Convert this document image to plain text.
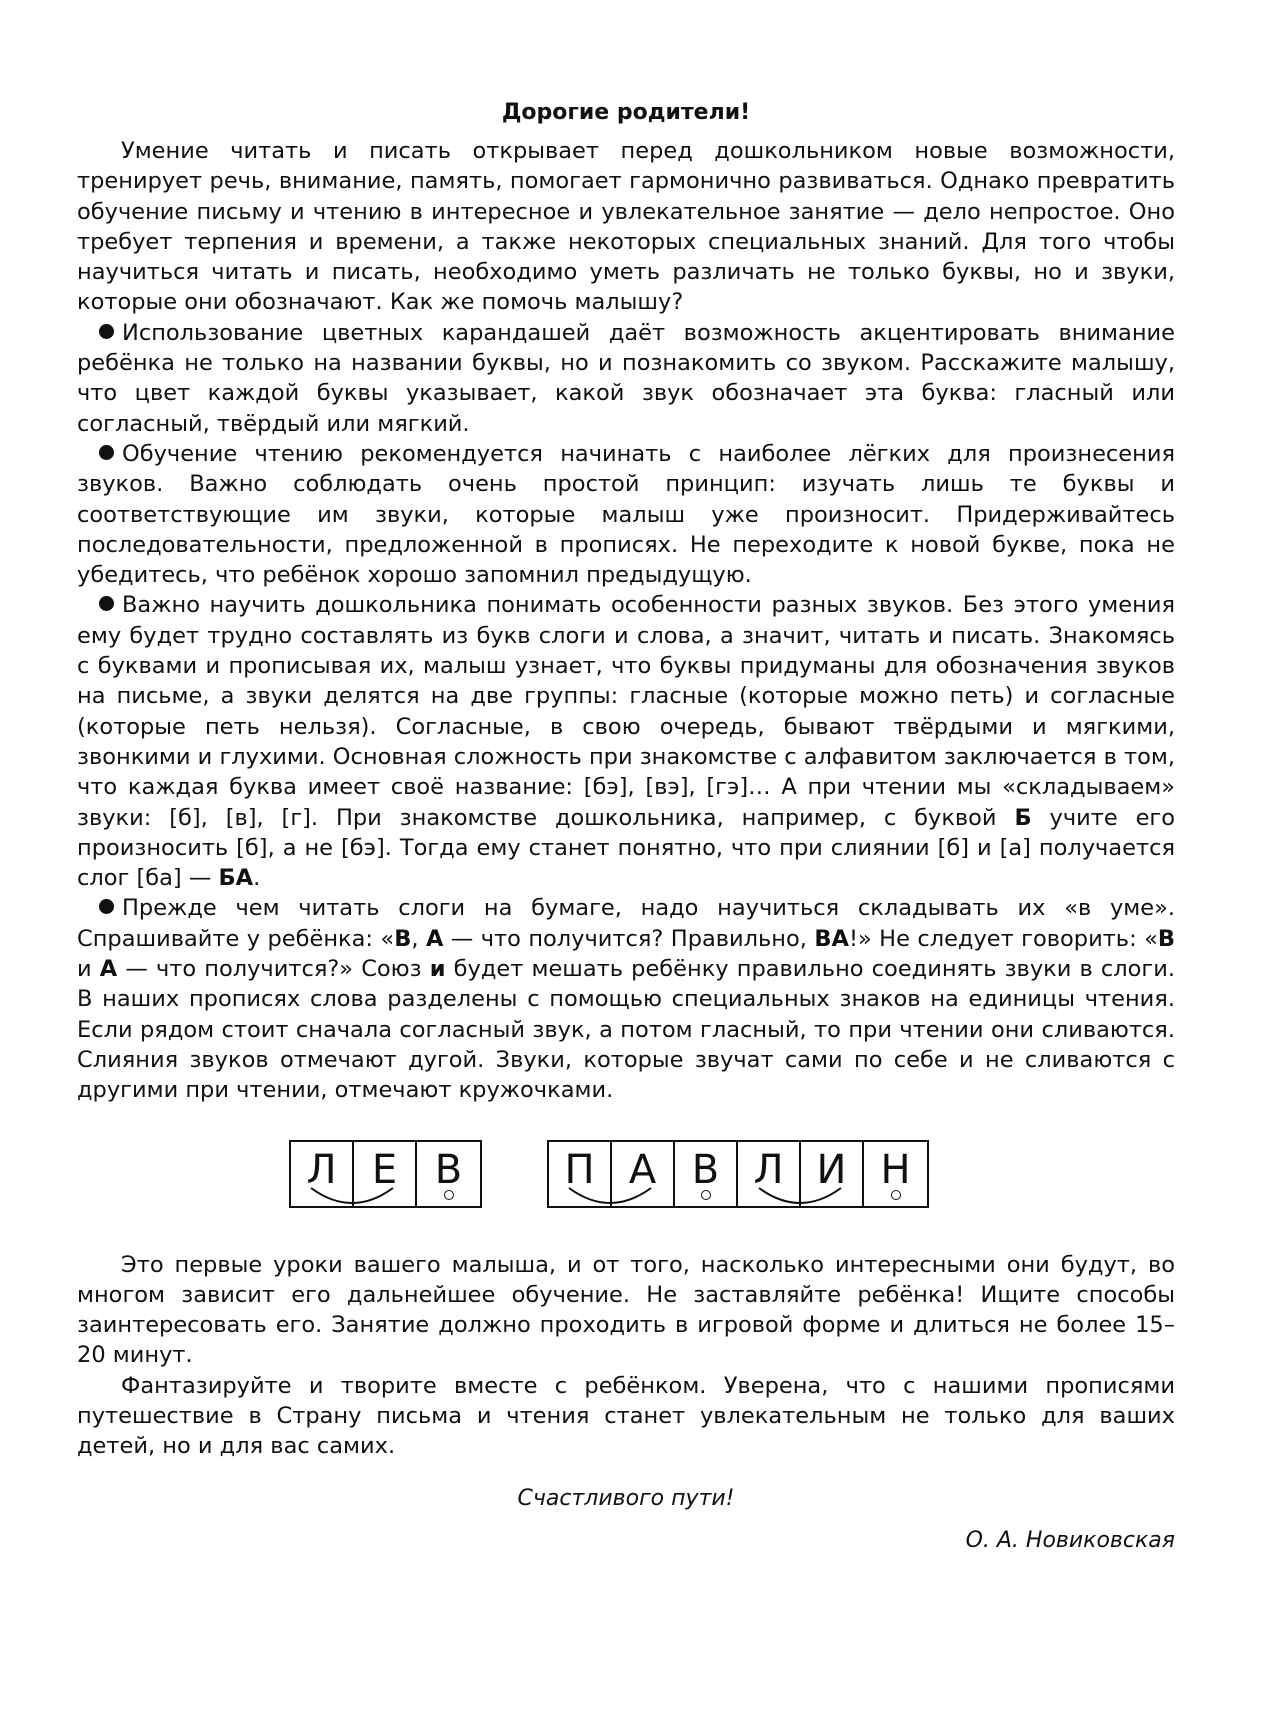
Дорогие родители!

Умение читать и писать открывает перед дошкольником новые возможности, тренирует речь, внимание, память, помогает гармонично развиваться. Однако превратить обучение письму и чтению в интересное и увлекательное занятие — дело непростое. Оно требует терпения и времени, а также некоторых специальных знаний. Для того чтобы научиться читать и писать, необходимо уметь различать не только буквы, но и звуки, которые они обозначают. Как же помочь малышу?

Использование цветных карандашей даёт возможность акцентировать внимание ребёнка не только на названии буквы, но и познакомить со звуком. Расскажите малышу, что цвет каждой буквы указывает, какой звук обозначает эта буква: гласный или согласный, твёрдый или мягкий.

Обучение чтению рекомендуется начинать с наиболее лёгких для произнесения звуков. Важно соблюдать очень простой принцип: изучать лишь те буквы и соответствующие им звуки, которые малыш уже произносит. Придерживайтесь последовательности, предложенной в прописях. Не переходите к новой букве, пока не убедитесь, что ребёнок хорошо запомнил предыдущую.

Важно научить дошкольника понимать особенности разных звуков. Без этого умения ему будет трудно составлять из букв слоги и слова, а значит, читать и писать. Знакомясь с буквами и прописывая их, малыш узнает, что буквы придуманы для обозначения звуков на письме, а звуки делятся на две группы: гласные (которые можно петь) и согласные (которые петь нельзя). Согласные, в свою очередь, бывают твёрдыми и мягкими, звонкими и глухими. Основная сложность при знакомстве с алфавитом заключается в том, что каждая буква имеет своё название: [бэ], [вэ], [гэ]… А при чтении мы «складываем» звуки: [б], [в], [г]. При знакомстве дошкольника, например, с буквой Б учите его произносить [б], а не [бэ]. Тогда ему станет понятно, что при слиянии [б] и [а] получается слог [ба] — БА.

Прежде чем читать слоги на бумаге, надо научиться складывать их «в уме». Спрашивайте у ребёнка: «В, А — что получится? Правильно, ВА!» Не следует говорить: «В и А — что получится?» Союз и будет мешать ребёнку правильно соединять звуки в слоги. В наших прописях слова разделены с помощью специальных знаков на единицы чтения. Если рядом стоит сначала согласный звук, а потом гласный, то при чтении они сливаются. Слияния звуков отмечают дугой. Звуки, которые звучат сами по себе и не сливаются с другими при чтении, отмечают кружочками.

Л Е В	П А В Л И Н

Это первые уроки вашего малыша, и от того, насколько интересными они будут, во многом зависит его дальнейшее обучение. Не заставляйте ребёнка! Ищите способы заинтересовать его. Занятие должно проходить в игровой форме и длиться не более 15–20 минут.

Фантазируйте и творите вместе с ребёнком. Уверена, что с нашими прописями путешествие в Страну письма и чтения станет увлекательным не только для ваших детей, но и для вас самих.

Счастливого пути!
О. А. Новиковская
